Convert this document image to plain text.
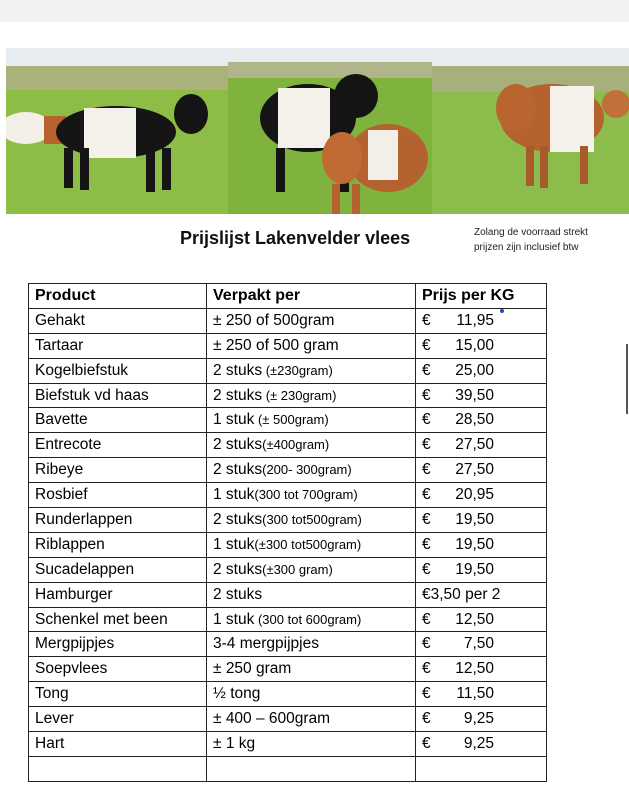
Prijslijst Lakenvelder vlees	Zolang de voorraad strekt
prijzen zijn inclusief btw
Product	Verpakt per	Prijs per KG
Gehakt	± 250 of 500gram	€ 11,95
Tartaar	± 250 of 500 gram	€ 15,00
Kogelbiefstuk	2 stuks (±230gram)	€ 25,00
Biefstuk vd haas	2 stuks (± 230gram)	€ 39,50
Bavette	1 stuk (± 500gram)	€ 28,50
Entrecote	2 stuks(±400gram)	€ 27,50
Ribeye	2 stuks(200- 300gram)	€ 27,50
Rosbief	1 stuk(300 tot 700gram)	€ 20,95
Runderlappen	2 stuks(300 tot500gram)	€ 19,50
Riblappen	1 stuk(±300 tot500gram)	€ 19,50
Sucadelappen	2 stuks(±300 gram)	€ 19,50
Hamburger	2 stuks	€3,50 per 2
Schenkel met been	1 stuk (300 tot 600gram)	€ 12,50
Mergpijpjes	3-4 mergpijpjes	€ 7,50
Soepvlees	± 250 gram	€ 12,50
Tong	½ tong	€ 11,50
Lever	± 400 – 600gram	€ 9,25
Hart	± 1 kg	€ 9,25
